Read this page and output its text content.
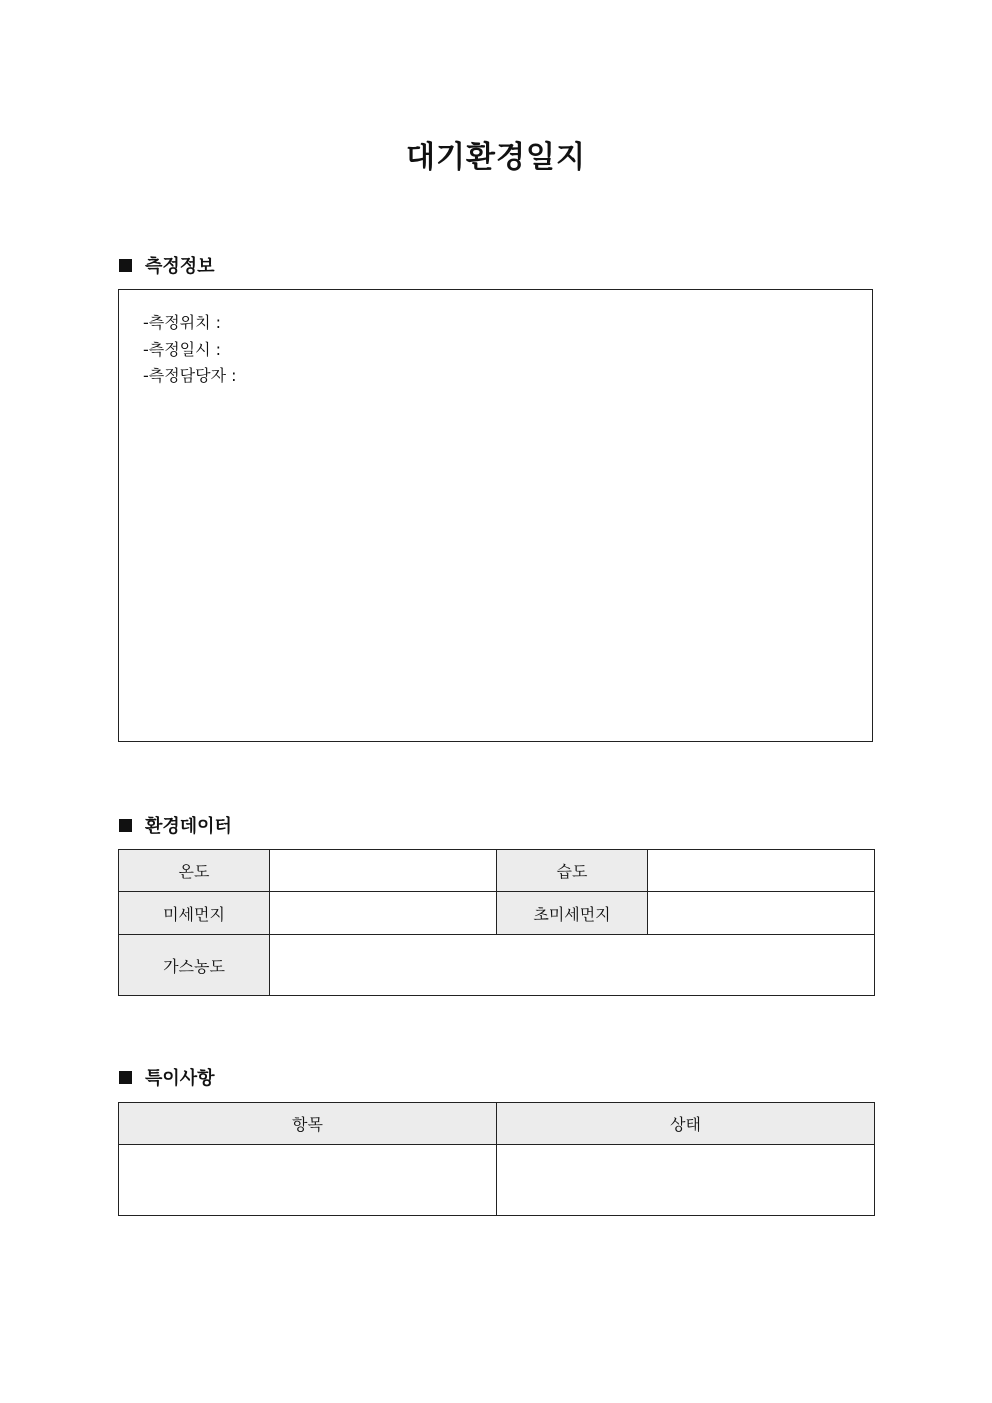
대기환경일지
측정정보
-측정위치 :
-측정일시 :
-측정담당자 :
환경데이터
온도		습도	
미세먼지		초미세먼지	
가스농도			
특이사항
항목	상태
